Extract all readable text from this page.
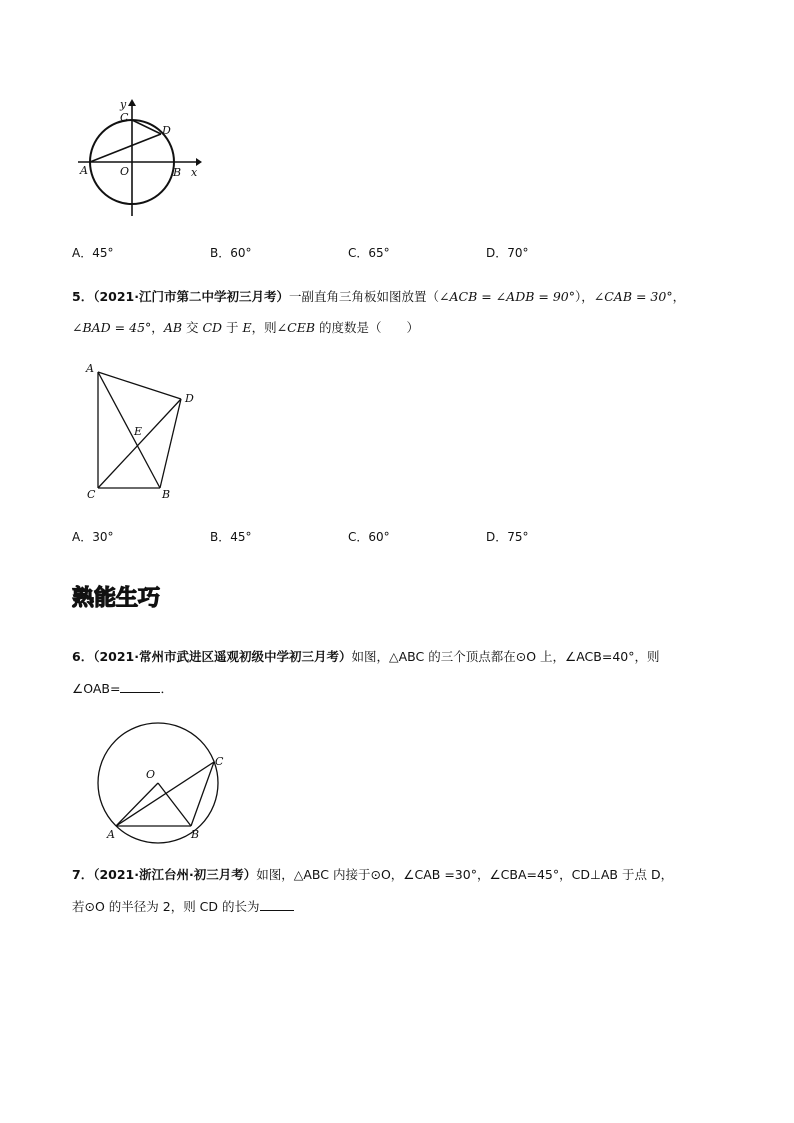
y
x
C
D
A	O	B
A．45°	B．60°	C．65°	D．70°
5．（2021·江门市第二中学初三月考）一副直角三角板如图放置（∠ACB = ∠ADB = 90°），∠CAB = 30°，
∠BAD = 45°，AB 交 CD 于 E，则∠CEB 的度数是（　　）
A
D
E
C	B
A．30°	B．45°	C．60°	D．75°
熟能生巧
6．（2021·常州市武进区遥观初级中学初三月考）如图，△ABC 的三个顶点都在⊙O 上，∠ACB=40°，则
∠OAB=	．
O
C
A	B
7．（2021·浙江台州·初三月考）如图，△ABC 内接于⊙O，∠CAB =30°，∠CBA=45°，CD⊥AB 于点 D，
若⊙O 的半径为 2，则 CD 的长为
